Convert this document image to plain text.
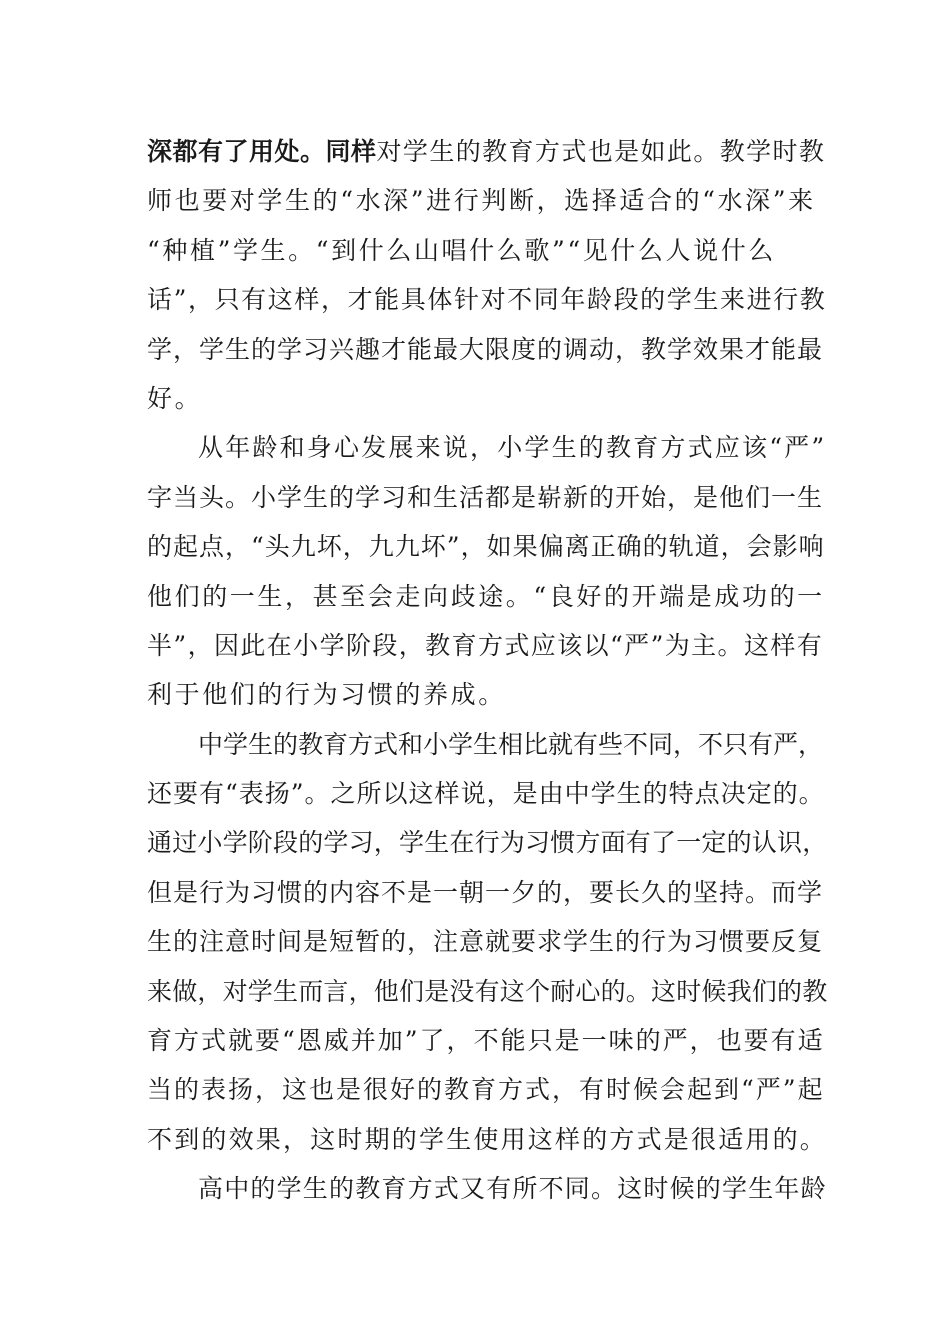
深都有了用处。同样对学生的教育方式也是如此。教学时教
师也要对学生的“水深”进行判断，选择适合的“水深”来
“种植”学生。“到什么山唱什么歌”“见什么人说什么
话”，只有这样，才能具体针对不同年龄段的学生来进行教
学，学生的学习兴趣才能最大限度的调动，教学效果才能最
好。
从年龄和身心发展来说，小学生的教育方式应该“严”
字当头。小学生的学习和生活都是崭新的开始，是他们一生
的起点，“头九坏，九九坏”，如果偏离正确的轨道，会影响
他们的一生，甚至会走向歧途。“良好的开端是成功的一
半”，因此在小学阶段，教育方式应该以“严”为主。这样有
利于他们的行为习惯的养成。
中学生的教育方式和小学生相比就有些不同，不只有严，
还要有“表扬”。之所以这样说，是由中学生的特点决定的。
通过小学阶段的学习，学生在行为习惯方面有了一定的认识，
但是行为习惯的内容不是一朝一夕的，要长久的坚持。而学
生的注意时间是短暂的，注意就要求学生的行为习惯要反复
来做，对学生而言，他们是没有这个耐心的。这时候我们的教
育方式就要“恩威并加”了，不能只是一味的严，也要有适
当的表扬，这也是很好的教育方式，有时候会起到“严”起
不到的效果，这时期的学生使用这样的方式是很适用的。
高中的学生的教育方式又有所不同。这时候的学生年龄
